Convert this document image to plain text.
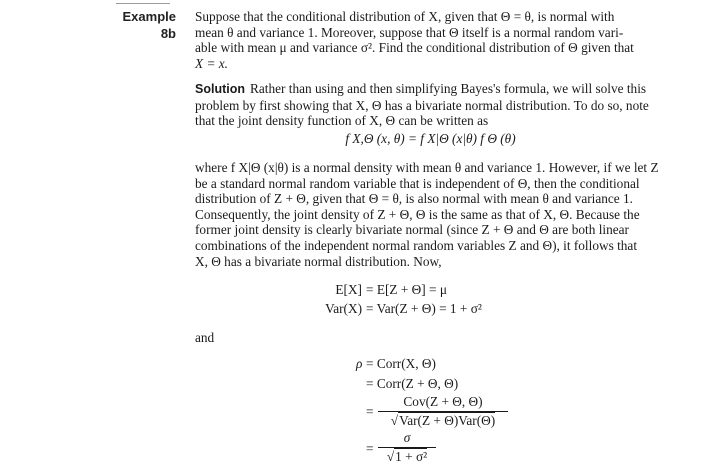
Example
8b
Suppose that the conditional distribution of X, given that Θ = θ, is normal with
mean θ and variance 1. Moreover, suppose that Θ itself is a normal random vari-
able with mean μ and variance σ². Find the conditional distribution of Θ given that
X = x.
Solution Rather than using and then simplifying Bayes's formula, we will solve this
problem by first showing that X, Θ has a bivariate normal distribution. To do so, note
that the joint density function of X, Θ can be written as
f X,Θ (x, θ) = f X|Θ (x|θ) f Θ (θ)
where f X|Θ (x|θ) is a normal density with mean θ and variance 1. However, if we let Z
be a standard normal random variable that is independent of Θ, then the conditional
distribution of Z + Θ, given that Θ = θ, is also normal with mean θ and variance 1.
Consequently, the joint density of Z + Θ, Θ is the same as that of X, Θ. Because the
former joint density is clearly bivariate normal (since Z + Θ and Θ are both linear
combinations of the independent normal random variables Z and Θ), it follows that
X, Θ has a bivariate normal distribution. Now,
E[X] = E[Z + Θ] = μ
Var(X) = Var(Z + Θ) = 1 + σ²
and
ρ = Corr(X, Θ)
= Corr(Z + Θ, Θ)
=
Cov(Z + Θ, Θ)
√Var(Z + Θ)Var(Θ)
=
σ
√1 + σ²
